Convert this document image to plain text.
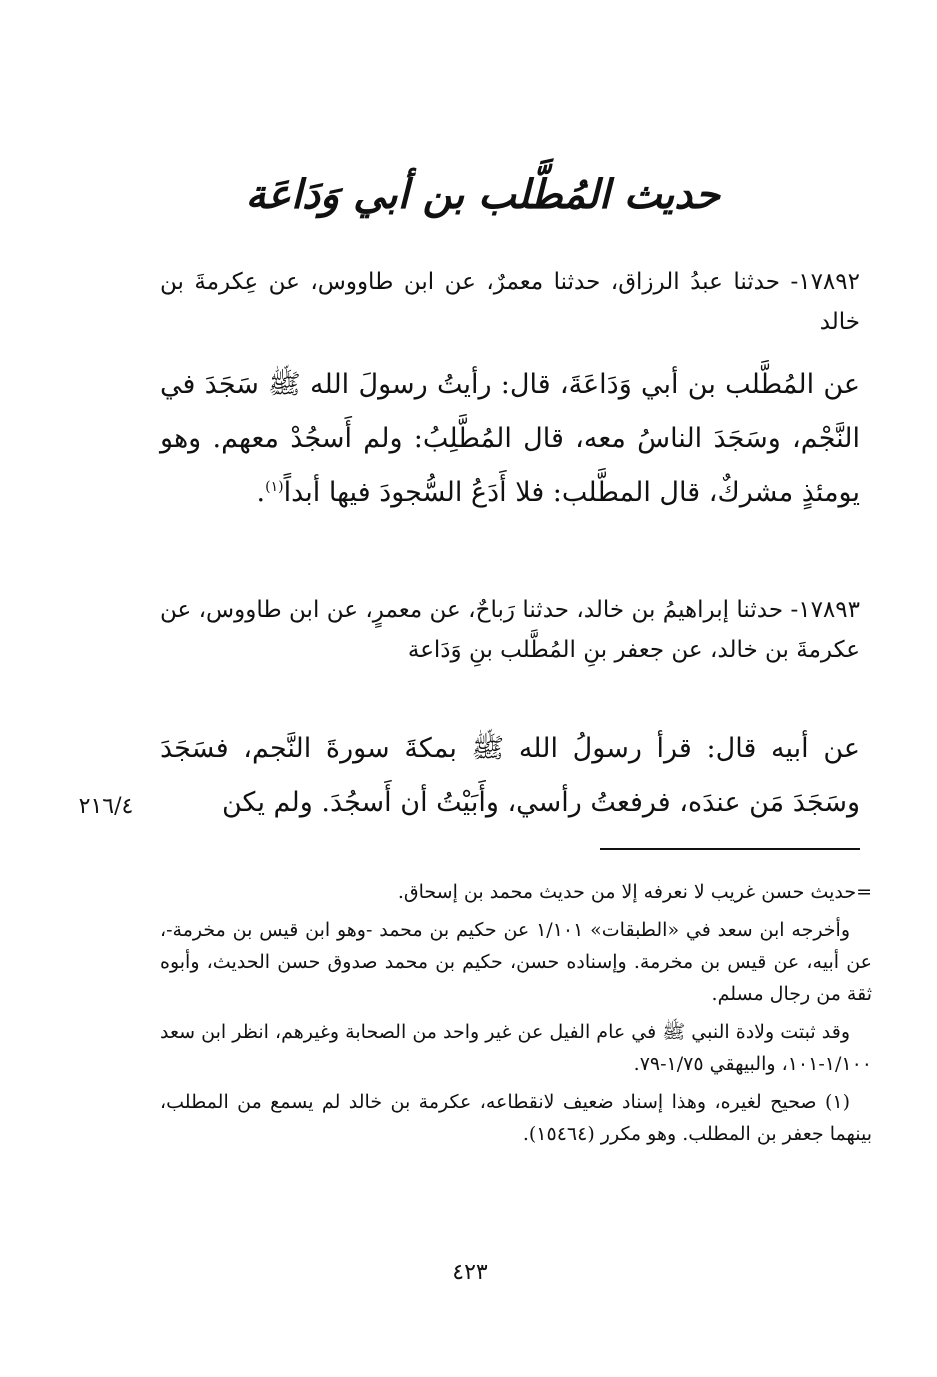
حديث المُطَّلب بن أبي وَدَاعَة
١٧٨٩٢- حدثنا عبدُ الرزاق، حدثنا معمرٌ، عن ابن طاووس، عن عِكرمةَ بن خالد
عن المُطَّلب بن أبي وَدَاعَةَ، قال: رأيتُ رسولَ الله ﷺ سَجَدَ في النَّجْم، وسَجَدَ الناسُ معه، قال المُطَّلِبُ: ولم أَسجُدْ معهم. وهو يومئذٍ مشركٌ، قال المطَّلب: فلا أَدَعُ السُّجودَ فيها أبداً$^{(١)}$.
١٧٨٩٣- حدثنا إبراهيمُ بن خالد، حدثنا رَباحٌ، عن معمرٍ، عن ابن طاووس، عن عكرمةَ بن خالد، عن جعفر بنِ المُطَّلب بنِ وَدَاعة
عن أبيه قال: قرأ رسولُ الله ﷺ بمكةَ سورةَ النَّجم، فسَجَدَ وسَجَدَ مَن عندَه، فرفعتُ رأسي، وأَبَيْتُ أن أَسجُدَ. ولم يكن
٢١٦/٤

=حديث حسن غريب لا نعرفه إلا من حديث محمد بن إسحاق.

وأخرجه ابن سعد في «الطبقات» ١/١٠١ عن حكيم بن محمد -وهو ابن قيس بن مخرمة-، عن أبيه، عن قيس بن مخرمة. وإسناده حسن، حكيم بن محمد صدوق حسن الحديث، وأبوه ثقة من رجال مسلم.

وقد ثبتت ولادة النبي ﷺ في عام الفيل عن غير واحد من الصحابة وغيرهم، انظر ابن سعد ١/١٠٠-١٠١، والبيهقي ١/٧٥-٧٩.

(١) صحيح لغيره، وهذا إسناد ضعيف لانقطاعه، عكرمة بن خالد لم يسمع من المطلب، بينهما جعفر بن المطلب. وهو مكرر (١٥٤٦٤).

٤٢٣
